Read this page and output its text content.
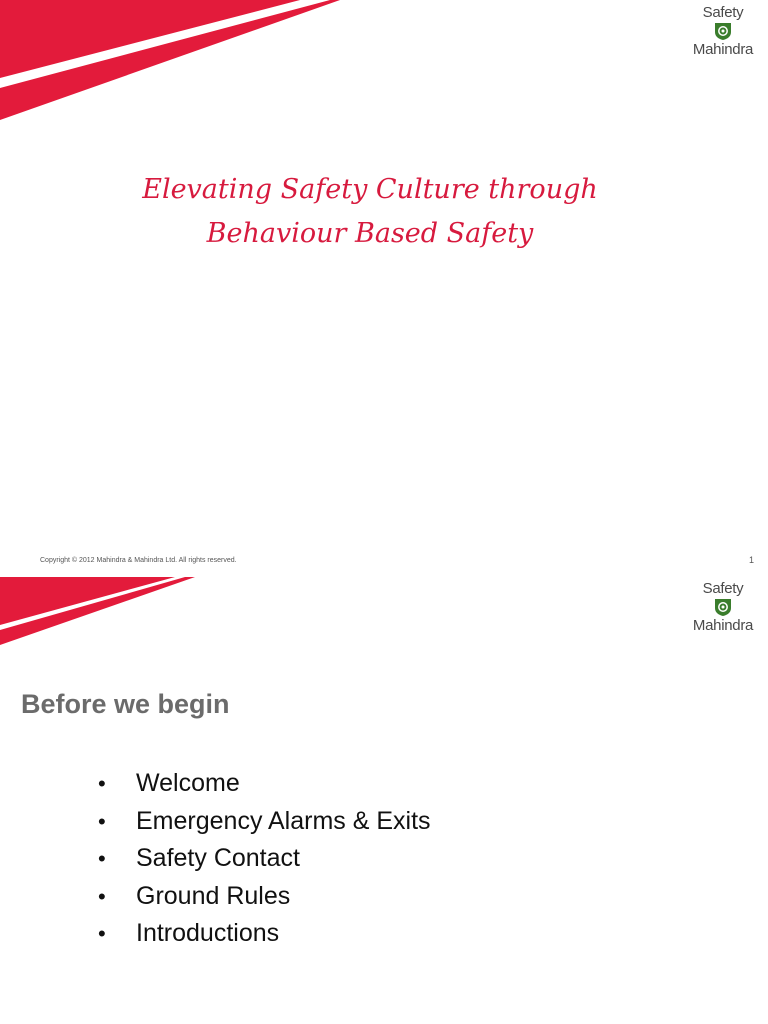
Safety
Mahindra
Elevating Safety Culture through
Behaviour Based Safety

Copyright © 2012 Mahindra & Mahindra Ltd. All rights reserved.	1

Safety
Mahindra
Before we begin
• Welcome
• Emergency Alarms & Exits
• Safety Contact
• Ground Rules
• Introductions
